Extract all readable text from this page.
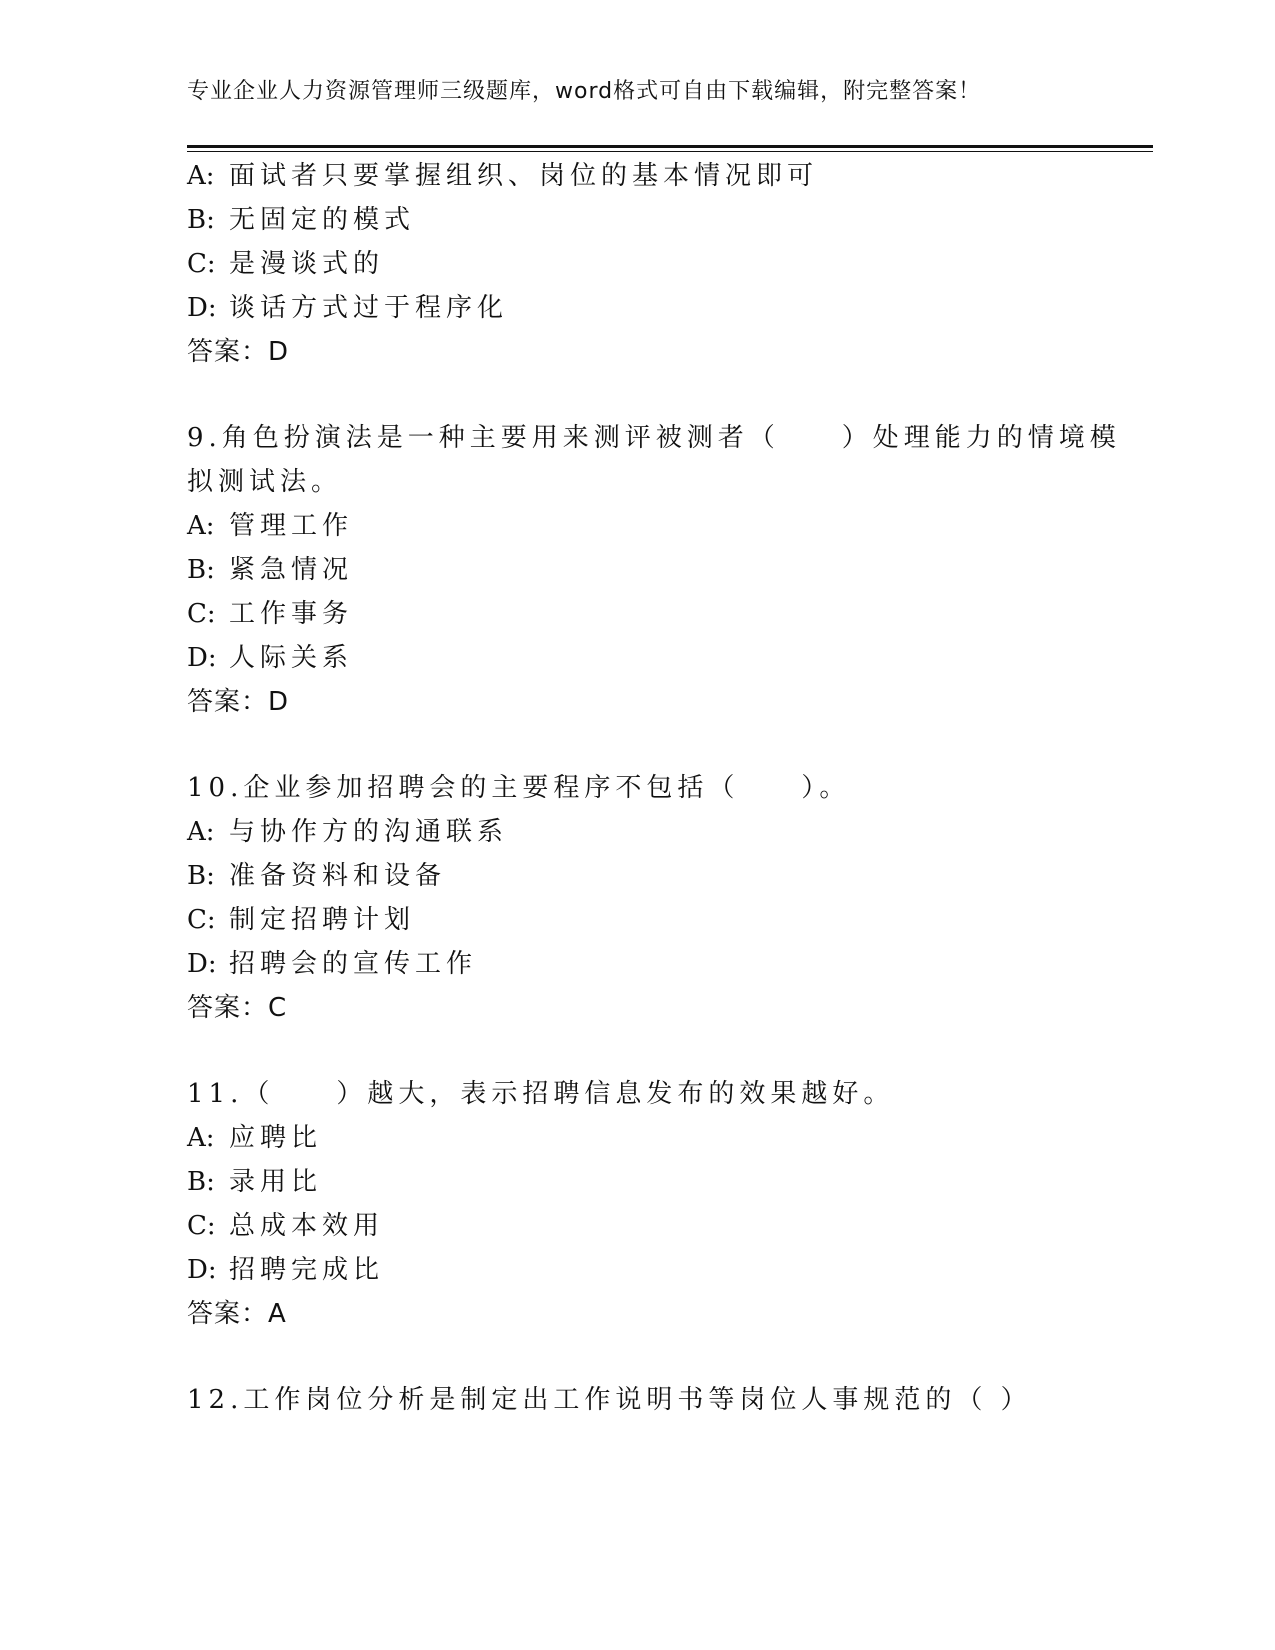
专业企业人力资源管理师三级题库，word格式可自由下载编辑，附完整答案！
A: 面试者只要掌握组织、岗位的基本情况即可
B: 无固定的模式
C: 是漫谈式的
D: 谈话方式过于程序化
答案：D
9.角色扮演法是一种主要用来测评被测者（　　）处理能力的情境模
拟测试法。
A: 管理工作
B: 紧急情况
C: 工作事务
D: 人际关系
答案：D
10.企业参加招聘会的主要程序不包括（　　）。
A: 与协作方的沟通联系
B: 准备资料和设备
C: 制定招聘计划
D: 招聘会的宣传工作
答案：C
11.（　　）越大，表示招聘信息发布的效果越好。
A: 应聘比
B: 录用比
C: 总成本效用
D: 招聘完成比
答案：A
12.工作岗位分析是制定出工作说明书等岗位人事规范的（ ）
